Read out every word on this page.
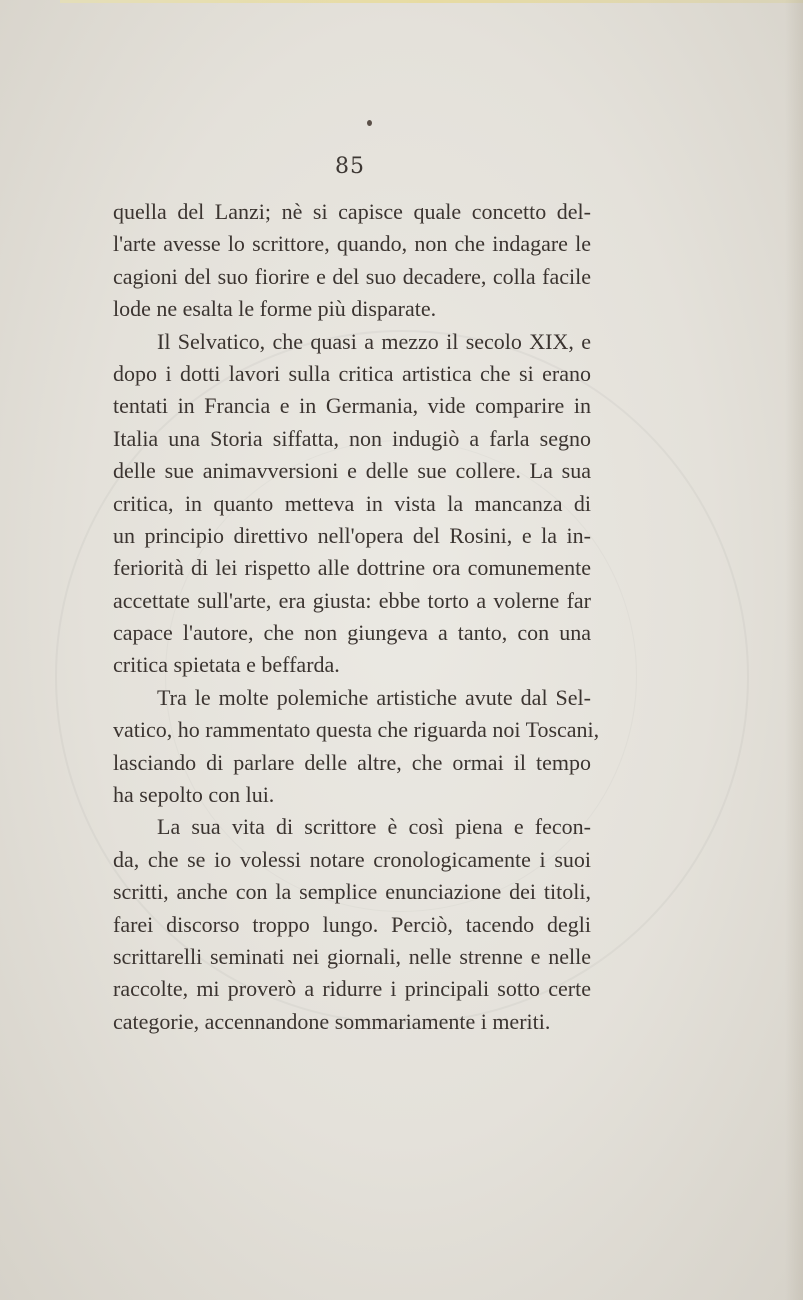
85
quella del Lanzi; nè si capisce quale concetto del-
l'arte avesse lo scrittore, quando, non che indagare le
cagioni del suo fiorire e del suo decadere, colla facile
lode ne esalta le forme più disparate.
Il Selvatico, che quasi a mezzo il secolo XIX, e
dopo i dotti lavori sulla critica artistica che si erano
tentati in Francia e in Germania, vide comparire in
Italia una Storia siffatta, non indugiò a farla segno
delle sue animavversioni e delle sue collere. La sua
critica, in quanto metteva in vista la mancanza di
un principio direttivo nell'opera del Rosini, e la in-
feriorità di lei rispetto alle dottrine ora comunemente
accettate sull'arte, era giusta: ebbe torto a volerne far
capace l'autore, che non giungeva a tanto, con una
critica spietata e beffarda.
Tra le molte polemiche artistiche avute dal Sel-
vatico, ho rammentato questa che riguarda noi Toscani,
lasciando di parlare delle altre, che ormai il tempo
ha sepolto con lui.
La sua vita di scrittore è così piena e fecon-
da, che se io volessi notare cronologicamente i suoi
scritti, anche con la semplice enunciazione dei titoli,
farei discorso troppo lungo. Perciò, tacendo degli
scrittarelli seminati nei giornali, nelle strenne e nelle
raccolte, mi proverò a ridurre i principali sotto certe
categorie, accennandone sommariamente i meriti.
